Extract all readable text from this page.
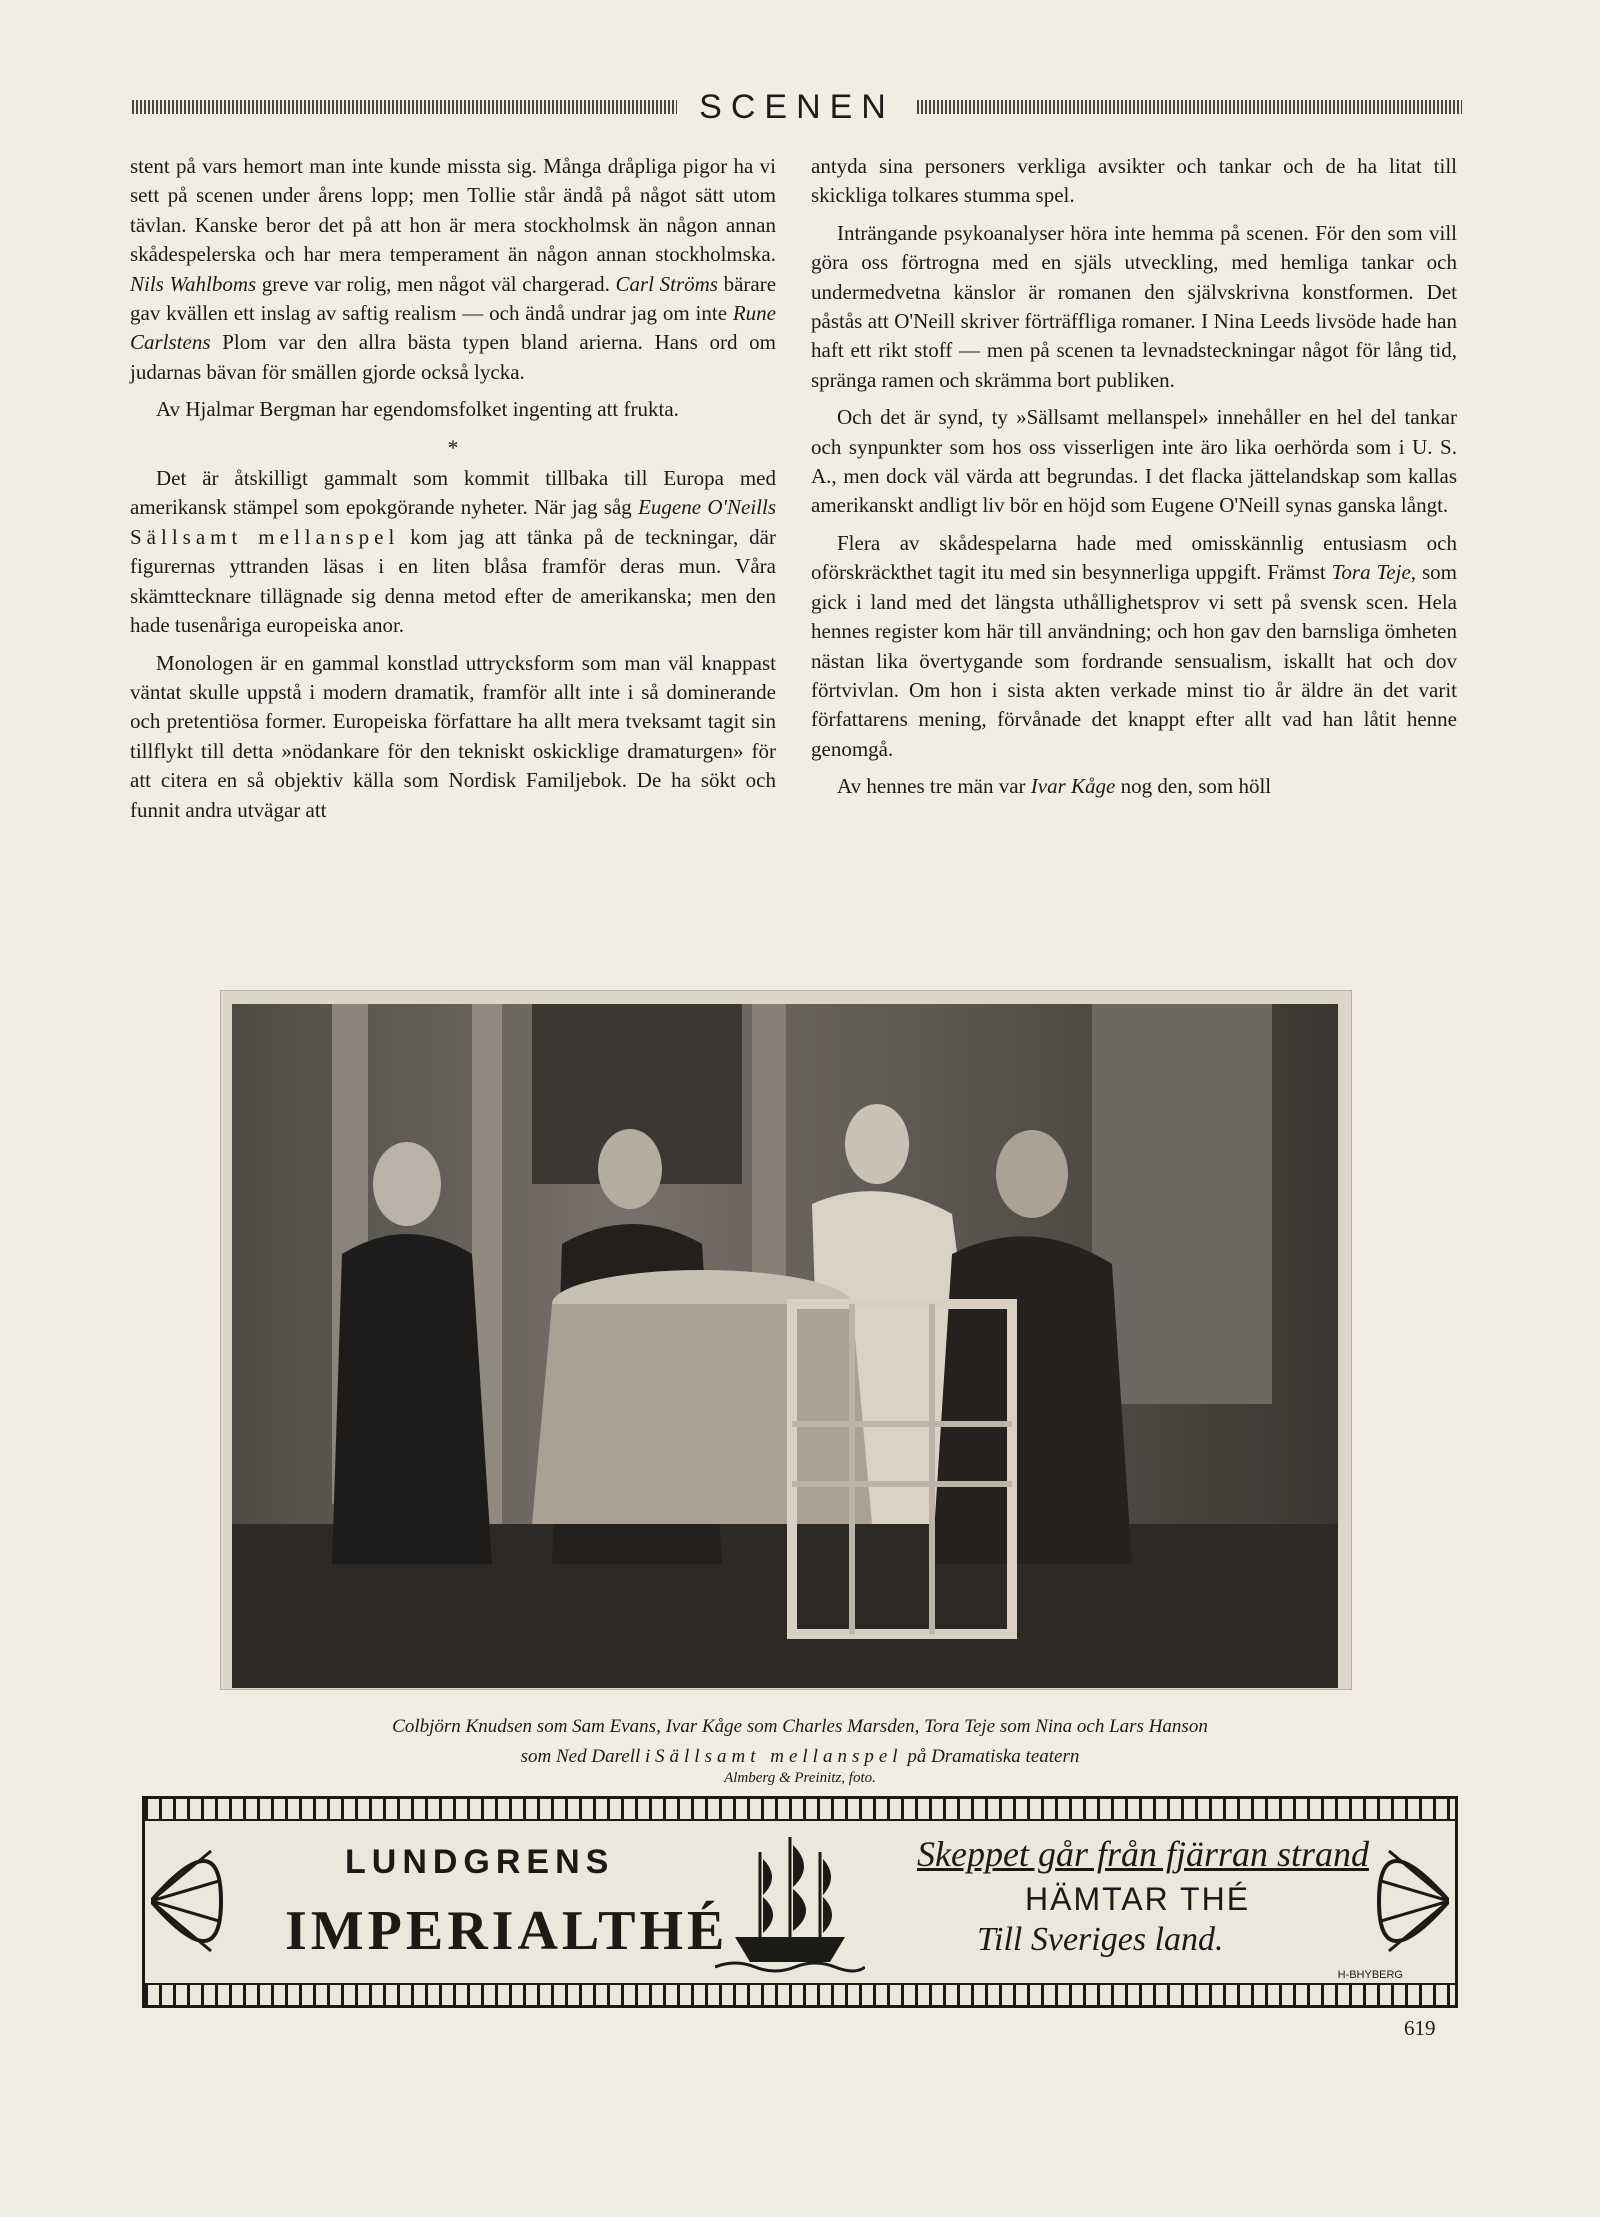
SCENEN

stent på vars hemort man inte kunde missta sig. Många dråpliga pigor ha vi sett på scenen under årens lopp; men Tollie står ändå på något sätt utom tävlan. Kanske beror det på att hon är mera stockholmsk än någon annan skådespelerska och har mera temperament än någon annan stockholmska. Nils Wahlboms greve var rolig, men något väl chargerad. Carl Ströms bärare gav kvällen ett inslag av saftig realism — och ändå undrar jag om inte Rune Carlstens Plom var den allra bästa typen bland arierna. Hans ord om judarnas bävan för smällen gjorde också lycka.

Av Hjalmar Bergman har egendomsfolket ingenting att frukta.

*

Det är åtskilligt gammalt som kommit tillbaka till Europa med amerikansk stämpel som epokgörande nyheter. När jag såg Eugene O'Neills Sällsamt mellanspel kom jag att tänka på de teckningar, där figurernas yttranden läsas i en liten blåsa framför deras mun. Våra skämttecknare tillägnade sig denna metod efter de amerikanska; men den hade tusenåriga europeiska anor.

Monologen är en gammal konstlad uttrycksform som man väl knappast väntat skulle uppstå i modern dramatik, framför allt inte i så dominerande och pretentiösa former. Europeiska författare ha allt mera tveksamt tagit sin tillflykt till detta »nödankare för den tekniskt oskicklige dramaturgen» för att citera en så objektiv källa som Nordisk Familjebok. De ha sökt och funnit andra utvägar att

antyda sina personers verkliga avsikter och tankar och de ha litat till skickliga tolkares stumma spel.

Inträngande psykoanalyser höra inte hemma på scenen. För den som vill göra oss förtrogna med en själs utveckling, med hemliga tankar och undermedvetna känslor är romanen den självskrivna konstformen. Det påstås att O'Neill skriver förträffliga romaner. I Nina Leeds livsöde hade han haft ett rikt stoff — men på scenen ta levnadsteckningar något för lång tid, spränga ramen och skrämma bort publiken.

Och det är synd, ty »Sällsamt mellanspel» innehåller en hel del tankar och synpunkter som hos oss visserligen inte äro lika oerhörda som i U. S. A., men dock väl värda att begrundas. I det flacka jättelandskap som kallas amerikanskt andligt liv bör en höjd som Eugene O'Neill synas ganska långt.

Flera av skådespelarna hade med omisskännlig entusiasm och oförskräckthet tagit itu med sin besynnerliga uppgift. Främst Tora Teje, som gick i land med det längsta uthållighetsprov vi sett på svensk scen. Hela hennes register kom här till användning; och hon gav den barnsliga ömheten nästan lika övertygande som fordrande sensualism, iskallt hat och dov förtvivlan. Om hon i sista akten verkade minst tio år äldre än det varit författarens mening, förvånade det knappt efter allt vad han låtit henne genomgå.

Av hennes tre män var Ivar Kåge nog den, som höll

Colbjörn Knudsen som Sam Evans, Ivar Kåge som Charles Marsden, Tora Teje som Nina och Lars Hanson
som Ned Darell i Sällsamt mellanspel på Dramatiska teatern
Almberg & Preinitz, foto.
LUNDGRENS
IMPERIALTHÉ
Skeppet går från fjärran strand
HÄMTAR THÉ
Till Sveriges land.
H-BHYBERG
619
